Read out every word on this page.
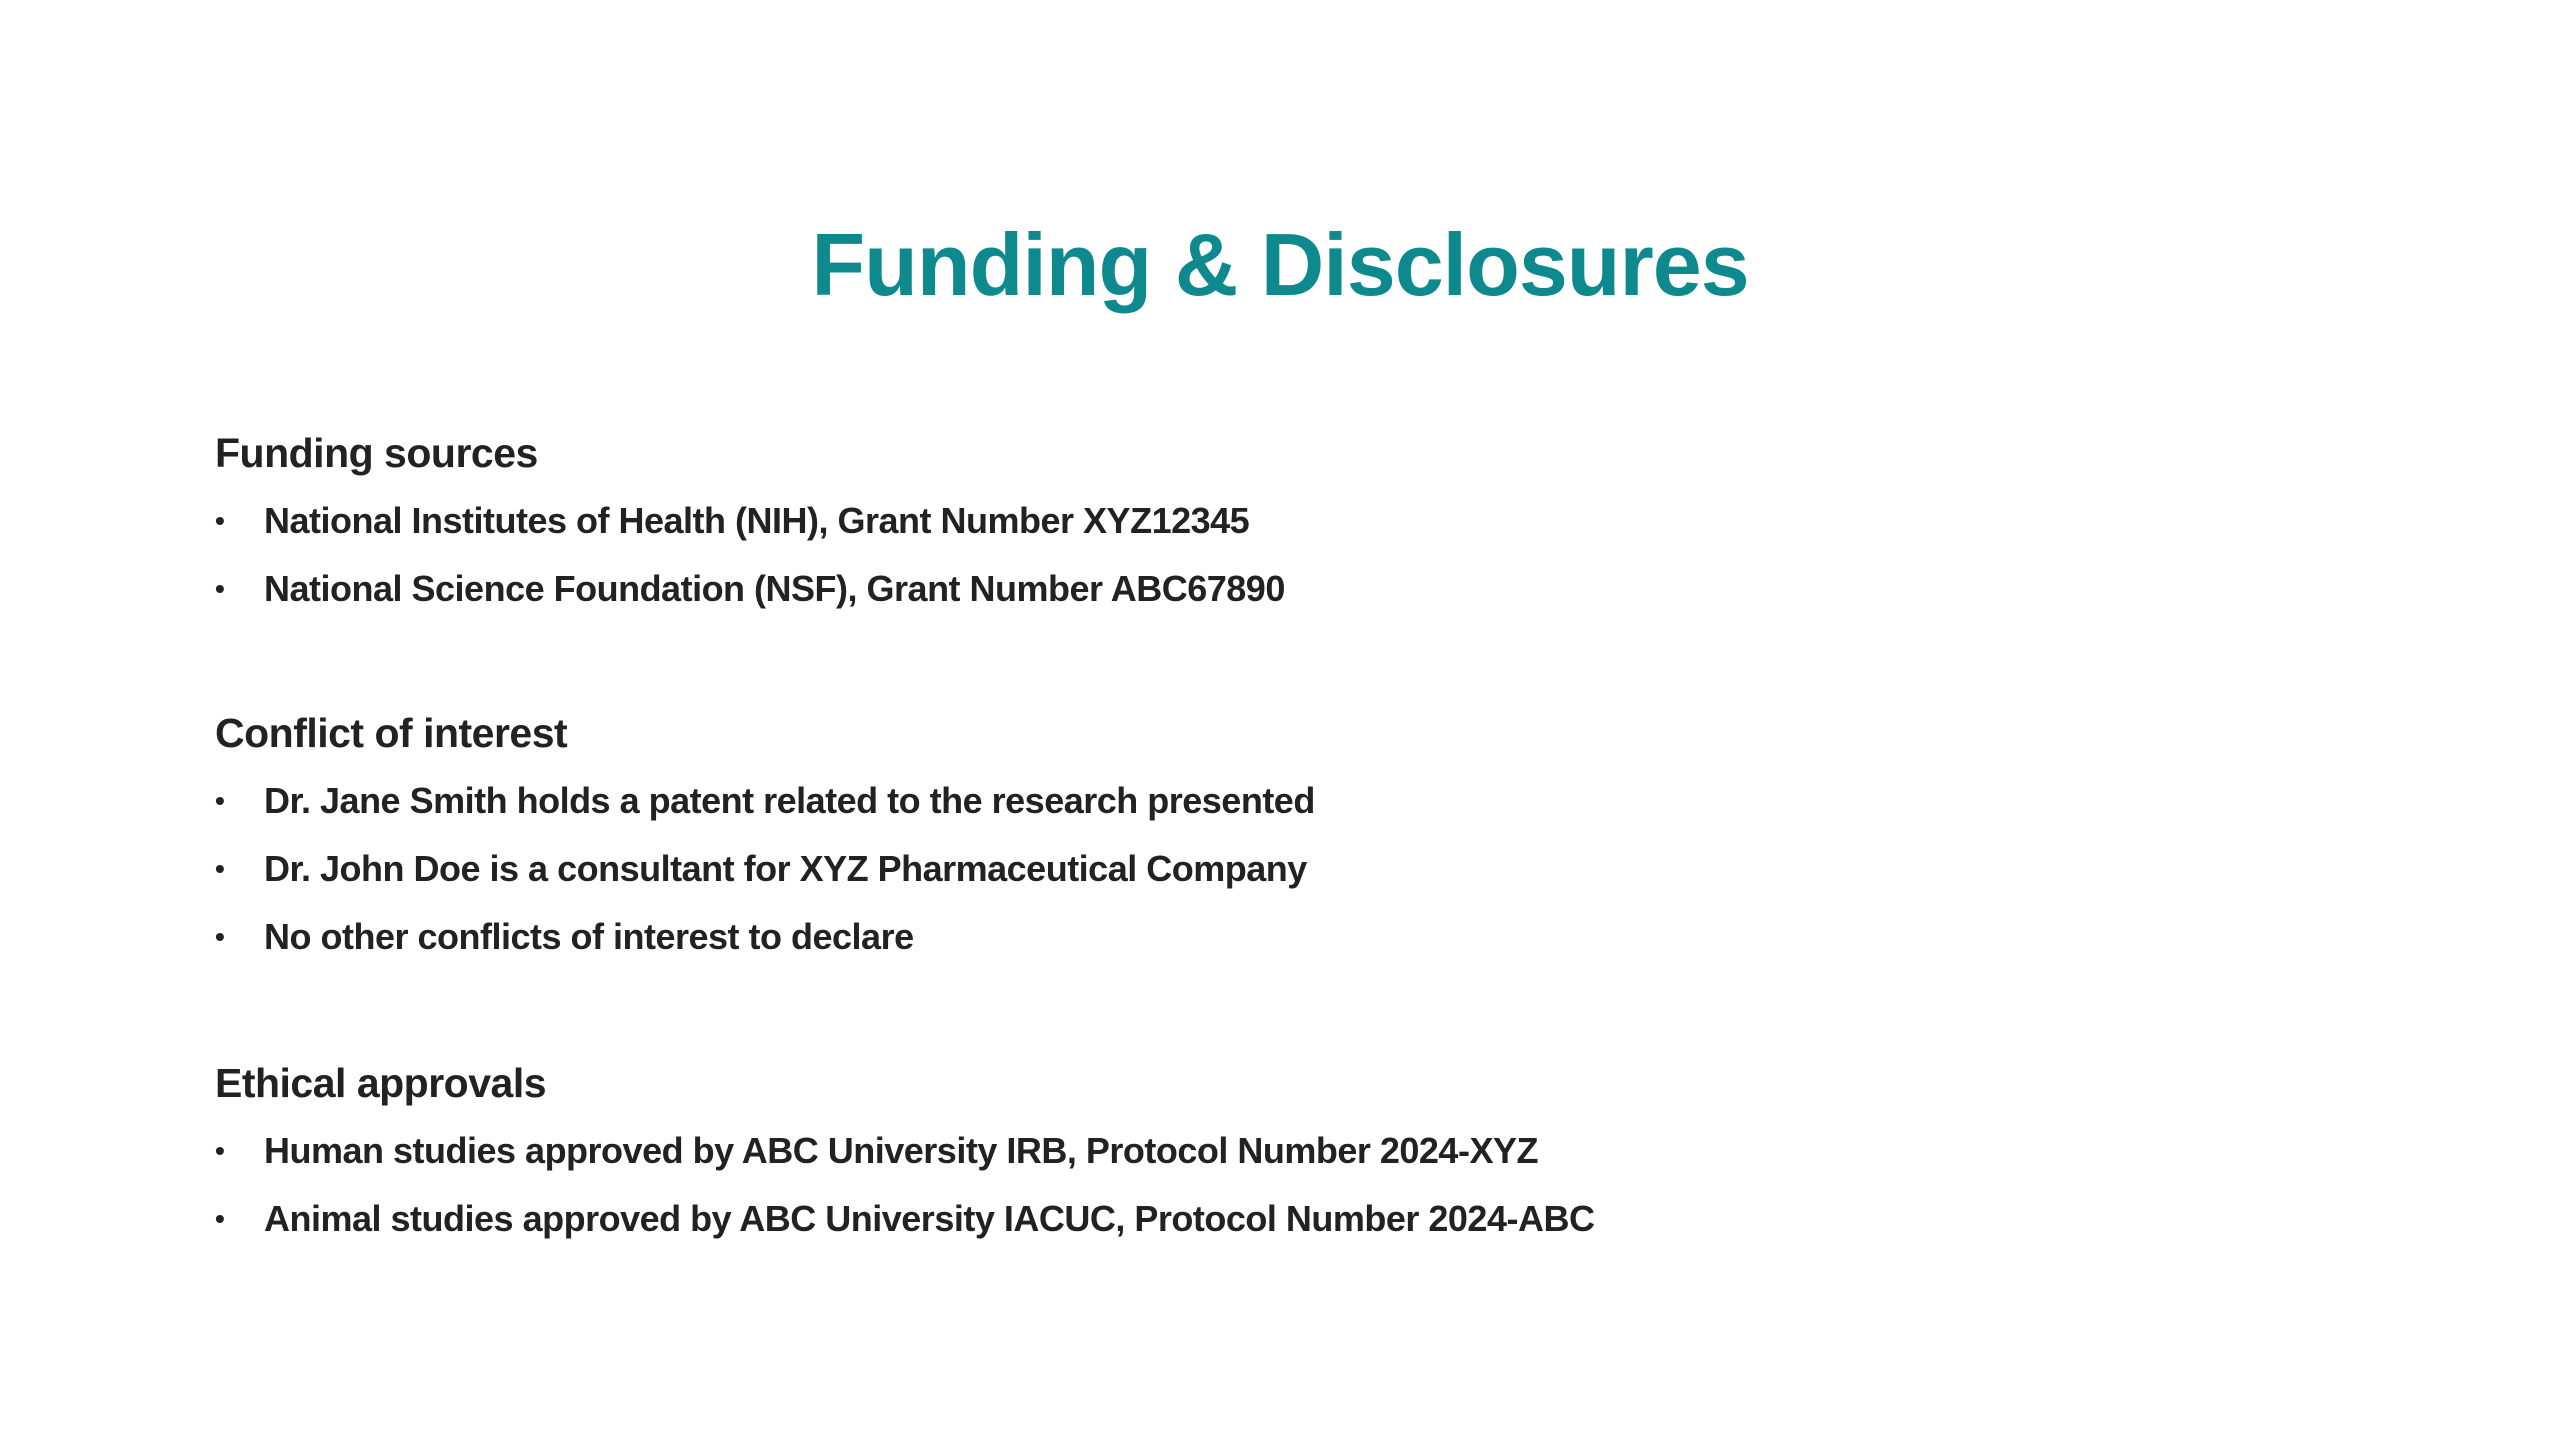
Funding & Disclosures
Funding sources
• National Institutes of Health (NIH), Grant Number XYZ12345
• National Science Foundation (NSF), Grant Number ABC67890
Conflict of interest
• Dr. Jane Smith holds a patent related to the research presented
• Dr. John Doe is a consultant for XYZ Pharmaceutical Company
• No other conflicts of interest to declare
Ethical approvals
• Human studies approved by ABC University IRB, Protocol Number 2024-XYZ
• Animal studies approved by ABC University IACUC, Protocol Number 2024-ABC
